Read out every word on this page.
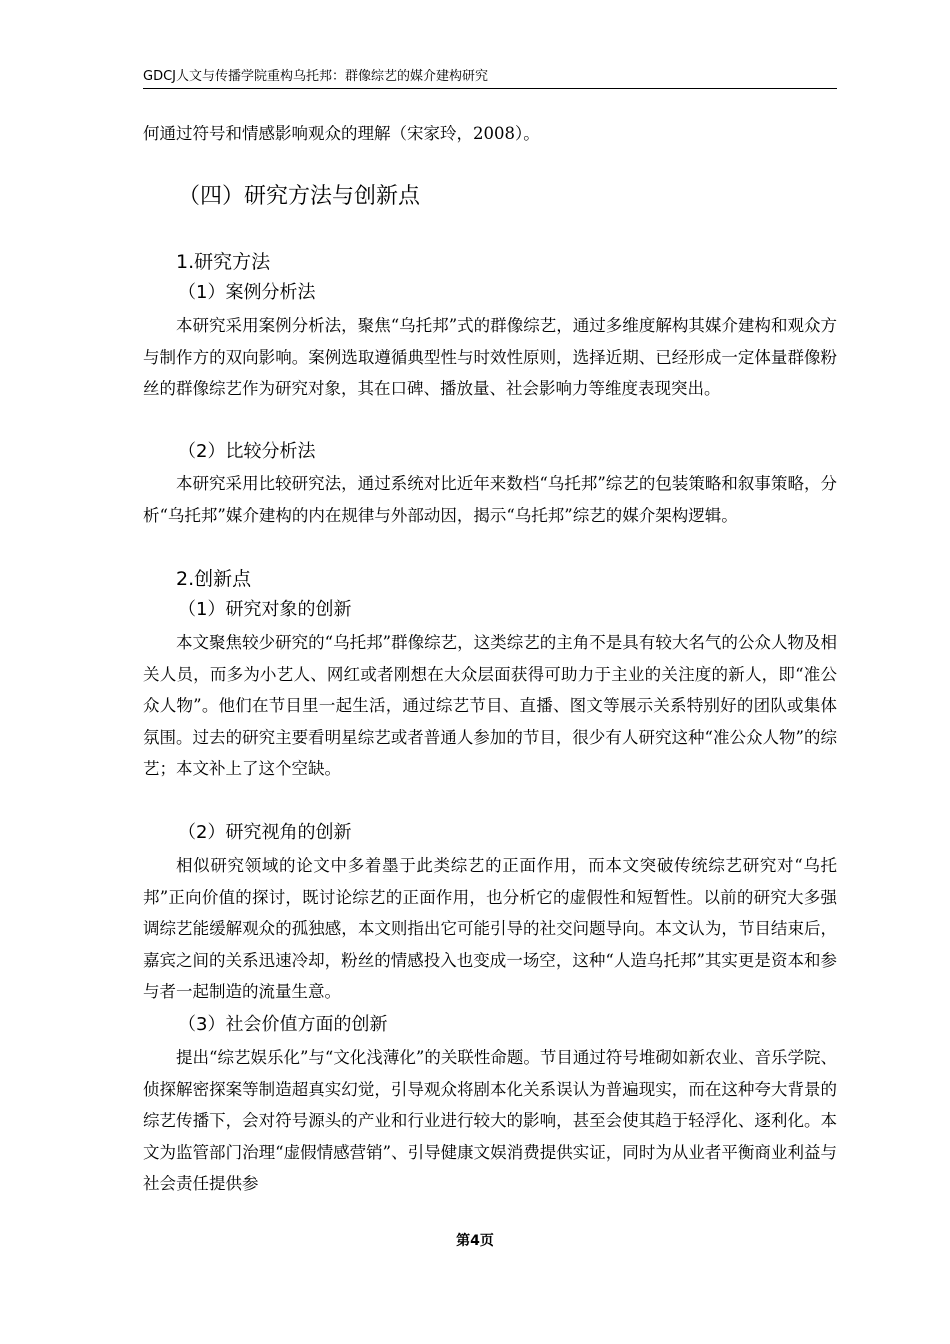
GDCJ人文与传播学院重构乌托邦：群像综艺的媒介建构研究

何通过符号和情感影响观众的理解（宋家玲，2008）。

（四）研究方法与创新点
1.研究方法
（1）案例分析法

本研究采用案例分析法，聚焦“乌托邦”式的群像综艺，通过多维度解构其媒介建构和观众方与制作方的双向影响。案例选取遵循典型性与时效性原则，选择近期、已经形成一定体量群像粉丝的群像综艺作为研究对象，其在口碑、播放量、社会影响力等维度表现突出。

（2）比较分析法

本研究采用比较研究法，通过系统对比近年来数档“乌托邦”综艺的包装策略和叙事策略，分析“乌托邦”媒介建构的内在规律与外部动因，揭示“乌托邦”综艺的媒介架构逻辑。

2.创新点
（1）研究对象的创新

本文聚焦较少研究的“乌托邦”群像综艺，这类综艺的主角不是具有较大名气的公众人物及相关人员，而多为小艺人、网红或者刚想在大众层面获得可助力于主业的关注度的新人，即“准公众人物”。他们在节目里一起生活，通过综艺节目、直播、图文等展示关系特别好的团队或集体氛围。过去的研究主要看明星综艺或者普通人参加的节目，很少有人研究这种“准公众人物”的综艺；本文补上了这个空缺。

（2）研究视角的创新

相似研究领域的论文中多着墨于此类综艺的正面作用，而本文突破传统综艺研究对“乌托邦”正向价值的探讨，既讨论综艺的正面作用，也分析它的虚假性和短暂性。以前的研究大多强调综艺能缓解观众的孤独感，本文则指出它可能引导的社交问题导向。本文认为，节目结束后，嘉宾之间的关系迅速冷却，粉丝的情感投入也变成一场空，这种“人造乌托邦”其实更是资本和参与者一起制造的流量生意。

（3）社会价值方面的创新

提出“综艺娱乐化”与“文化浅薄化”的关联性命题。节目通过符号堆砌如新农业、音乐学院、侦探解密探案等制造超真实幻觉，引导观众将剧本化关系误认为普遍现实，而在这种夸大背景的综艺传播下，会对符号源头的产业和行业进行较大的影响，甚至会使其趋于轻浮化、逐利化。本文为监管部门治理“虚假情感营销”、引导健康文娱消费提供实证，同时为从业者平衡商业利益与社会责任提供参

第4页
